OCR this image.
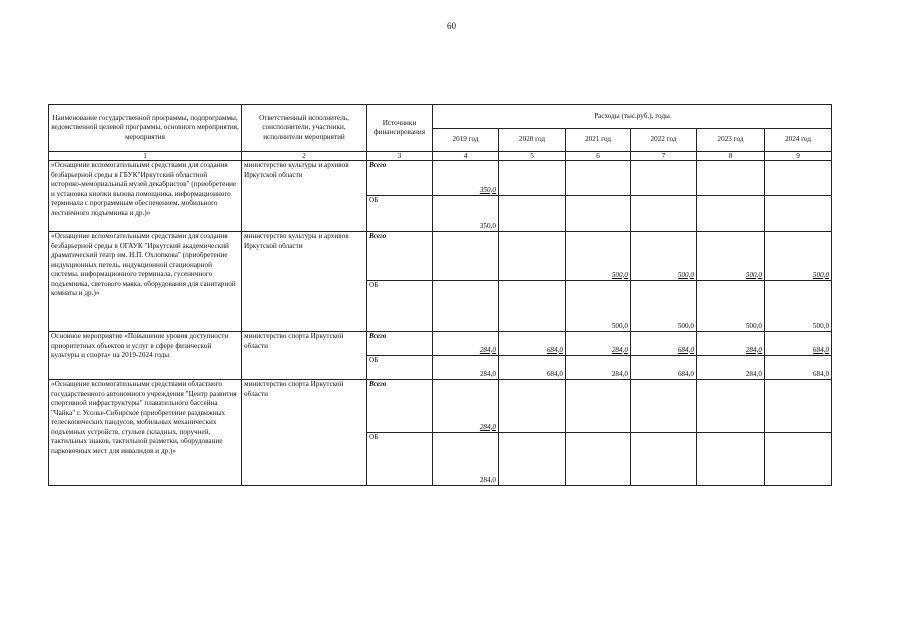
60
Наименование государственной программы, подпрограммы, ведомственной целевой программы, основного мероприятия, мероприятия	Ответственный исполнитель, соисполнители, участники, исполнители мероприятий	Источники финансирования	Расходы (тыс.руб.), годы					
			2019 год	2020 год	2021 год	2022 год	2023 год	2024 год
1	2	3	4	5	6	7	8	9
«Оснащение вспомогательными средствами для создания безбарьерной среды в ГБУК"Иркутский областной историко-мемориальный музей декабристов" (приобретение и установка кнопки вызова помощника, информационного терминала с программным обеспечением, мобильного лестничного подъемника и др.)»	министерство культуры и архивов Иркутской области	Всего	350,0					
		ОБ	350,0					
«Оснащение вспомогательными средствами для создания безбарьерной среды в ОГАУК "Иркутский академический драматический театр им. Н.П. Охлопкова" (приобретение индукционных петель, индукционной стационарной системы, информационного терминала, гусеничного подъемника, светового маяка, оборудования для санитарной комнаты и др.)»	министерство культуры и архивов Иркутской области	Всего			500,0	500,0	500,0	500,0
		ОБ			500,0	500,0	500,0	500,0
Основное мероприятие «Повышение уровня доступности приоритетных объектов и услуг в сфере физической культуры и спорта» на 2019-2024 годы	министерство спорта Иркутской области	Всего	284,0	684,0	284,0	684,0	284,0	684,0
		ОБ	284,0	684,0	284,0	684,0	284,0	684,0
«Оснащение вспомогательными средствами областного государственного автономного учреждения "Центр развития спортивной инфраструктуры" плавательного бассейна "Чайка" г. Усолье-Сибирское (приобретение раздвижных телескопических пандусов, мобильных механических подъемных устройств, стульев складных, поручней, тактильных знаков, тактильной разметки, оборудование парковочных мест для инвалидов и др.)»	министерство спорта Иркутской области	Всего	284,0					
		ОБ	284,0					
